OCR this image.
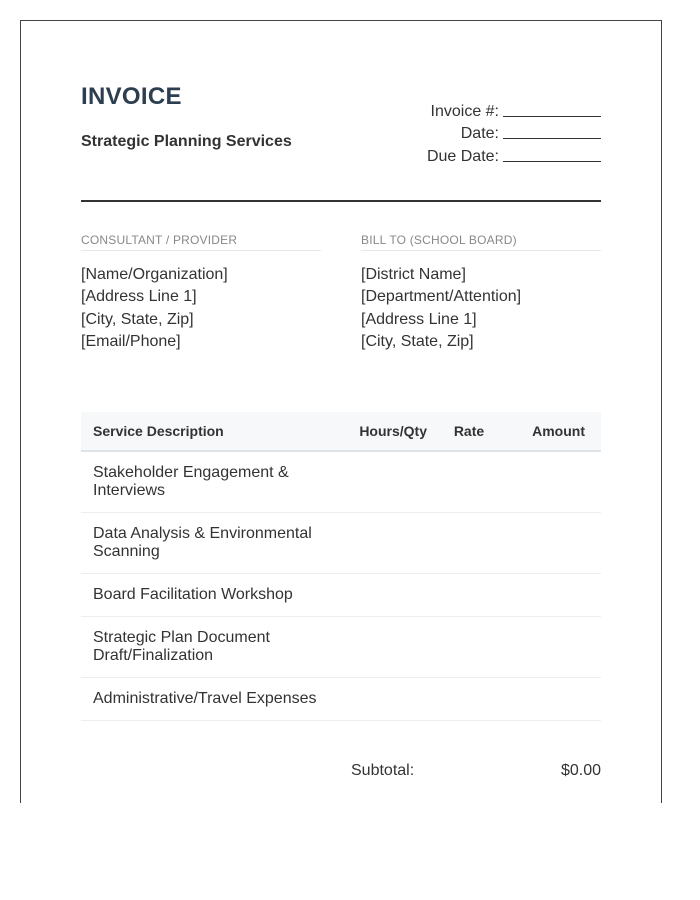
INVOICE
Strategic Planning Services
Invoice #:
Date:
Due Date:
CONSULTANT / PROVIDER
[Name/Organization]
[Address Line 1]
[City, State, Zip]
[Email/Phone]
BILL TO (SCHOOL BOARD)
[District Name]
[Department/Attention]
[Address Line 1]
[City, State, Zip]
Service Description	Hours/Qty	Rate	Amount
Stakeholder Engagement & Interviews			
Data Analysis & Environmental Scanning			
Board Facilitation Workshop			
Strategic Plan Document Draft/Finalization			
Administrative/Travel Expenses			
Subtotal:	$0.00
